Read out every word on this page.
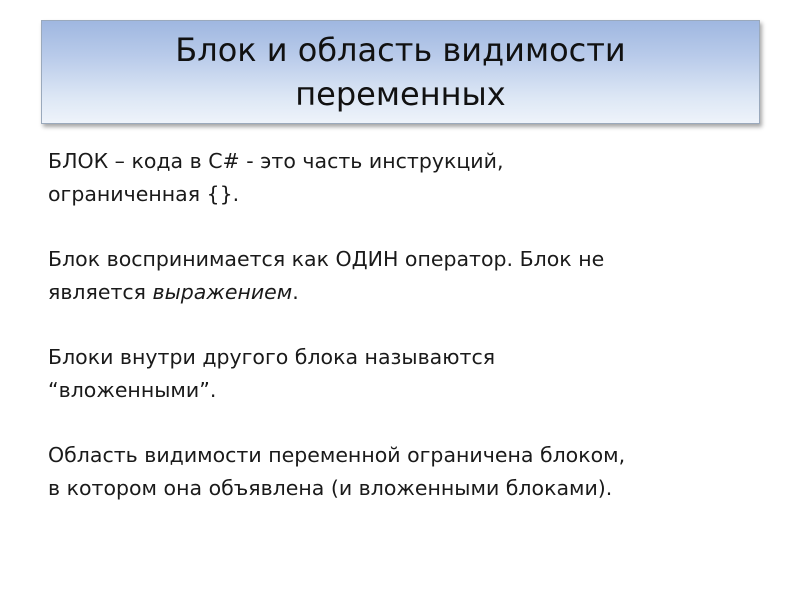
Блок и область видимости
переменных

БЛОК – кода в C# - это часть инструкций,
ограниченная {}.

Блок воспринимается как ОДИН оператор. Блок не
является выражением.

Блоки внутри другого блока называются
“вложенными”.

Область видимости переменной ограничена блоком,
в котором она объявлена (и вложенными блоками).
